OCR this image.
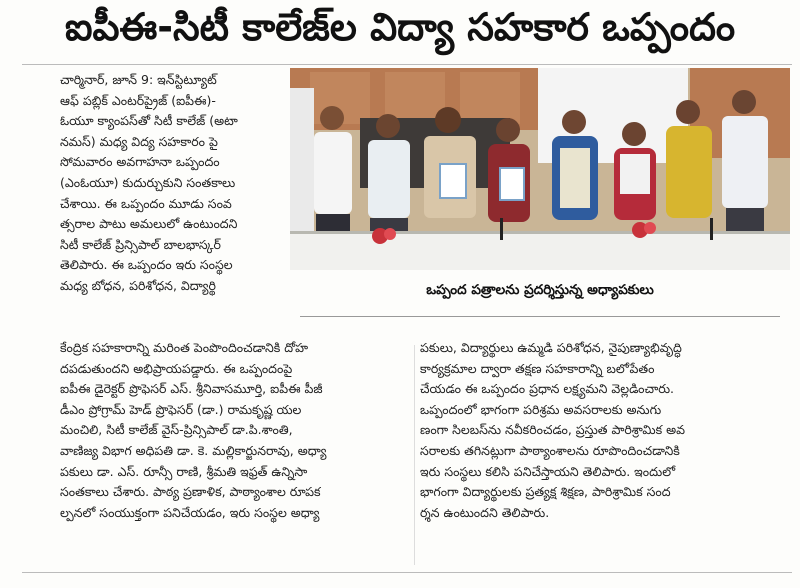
ఐపీఈ-సిటీ కాలేజ్‌ల విద్యా సహకార ఒప్పందం
చార్మినార్, జూన్ 9: ఇన్‌స్టిట్యూట్
ఆఫ్ పబ్లిక్ ఎంటర్‌ప్రైజ్ (ఐపీఈ)-
ఓయూ క్యాంపస్‌తో సిటీ కాలేజ్ (అటా
నమస్) మధ్య విద్య సహకారం పై
సోమవారం అవగాహనా ఒప్పందం
(ఎంఓయూ) కుదుర్చుకుని సంతకాలు
చేశాయి. ఈ ఒప్పందం మూడు సంవ
త్సరాల పాటు అమలులో ఉంటుందని
సిటీ కాలేజ్ ప్రిన్సిపాల్ బాలభాస్కర్
తెలిపారు. ఈ ఒప్పందం ఇరు సంస్థల
మధ్య బోధన, పరిశోధన, విద్యార్థి	ఒప్పంద పత్రాలను ప్రదర్శిస్తున్న అధ్యాపకులు
కేంద్రిక సహకారాన్ని మరింత పెంపొందించడానికి దోహ
దపడుతుందని అభిప్రాయపడ్డారు. ఈ ఒప్పందంపై
ఐపీఈ డైరెక్టర్ ప్రొఫెసర్ ఎస్. శ్రీనివాసమూర్తి, ఐపీఈ పీజీ
డీఎం ప్రోగ్రామ్ హెడ్ ప్రొఫెసర్ (డా.) రామకృష్ణ యల
మంచిలి, సిటీ కాలేజ్ వైస్-ప్రిన్సిపాల్ డా.పి.శాంతి,
వాణిజ్య విభాగ అధిపతి డా. కె. మల్లికార్జునరావు, అధ్యా
పకులు డా. ఎస్. రూన్సీ రాణి, శ్రీమతి ఇఫ్రత్ ఉన్నిసా
సంతకాలు చేశారు. పాఠ్య ప్రణాళిక, పాఠ్యాంశాల రూపక
ల్పనలో సంయుక్తంగా పనిచేయడం, ఇరు సంస్థల అధ్యా
పకులు, విద్యార్థులు ఉమ్మడి పరిశోధన, నైపుణ్యాభివృద్ధి
కార్యక్రమాల ద్వారా తక్షణ సహకారాన్ని బలోపేతం
చేయడం ఈ ఒప్పందం ప్రధాన లక్ష్యమని వెల్లడించారు.
ఒప్పందంలో భాగంగా పరిశ్రమ అవసరాలకు అనుగు
ణంగా సిలబస్‌ను నవీకరించడం, ప్రస్తుత పారిశ్రామిక అవ
సరాలకు తగినట్లుగా పాఠ్యాంశాలను రూపొందించడానికి
ఇరు సంస్థలు కలిసి పనిచేస్తాయని తెలిపారు. ఇందులో
భాగంగా విద్యార్థులకు ప్రత్యక్ష శిక్షణ, పారిశ్రామిక సంద
ర్శన ఉంటుందని తెలిపారు.
